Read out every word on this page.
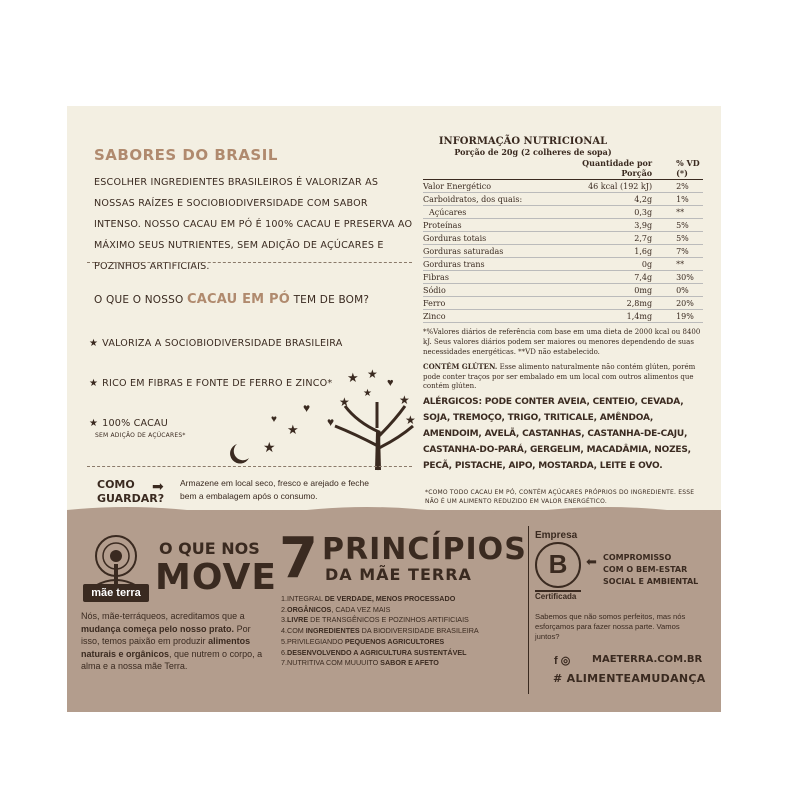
SABORES DO BRASIL
ESCOLHER INGREDIENTES BRASILEIROS É VALORIZAR AS NOSSAS RAÍZES E SOCIOBIODIVERSIDADE COM SABOR INTENSO. NOSSO CACAU EM PÓ É 100% CACAU E PRESERVA AO MÁXIMO SEUS NUTRIENTES, SEM ADIÇÃO DE AÇÚCARES E POZINHOS ARTIFICIAIS.
O QUE O NOSSO CACAU EM PÓ TEM DE BOM?
★ VALORIZA A SOCIOBIODIVERSIDADE BRASILEIRA
★ RICO EM FIBRAS E FONTE DE FERRO E ZINCO*
★ 100% CACAU
SEM ADIÇÃO DE AÇÚCARES*
★
★
♥
♥
★ ★
♥
★	★
♥	★
★
COMO
GUARDAR?
➡ Armazene em local seco, fresco e arejado e feche bem a embalagem após o consumo.
INFORMAÇÃO NUTRICIONAL
Porção de 20g (2 colheres de sopa)
	Quantidade por Porção	% VD (*)
Valor Energético	46 kcal (192 kJ)	2%
Carboidratos, dos quais:	4,2g	1%
Açúcares	0,3g	**
Proteínas	3,9g	5%
Gorduras totais	2,7g	5%
Gorduras saturadas	1,6g	7%
Gorduras trans	0g	**
Fibras	7,4g	30%
Sódio	0mg	0%
Ferro	2,8mg	20%
Zinco	1,4mg	19%
*%Valores diários de referência com base em uma dieta de 2000 kcal ou 8400 kJ. Seus valores diários podem ser maiores ou menores dependendo de suas necessidades energéticas. **VD não estabelecido.
CONTÉM GLÚTEN. Esse alimento naturalmente não contém glúten, porém pode conter traços por ser embalado em um local com outros alimentos que contém glúten.
ALÉRGICOS: PODE CONTER AVEIA, CENTEIO, CEVADA, SOJA, TREMOÇO, TRIGO, TRITICALE, AMÊNDOA, AMENDOIM, AVELÃ, CASTANHAS, CASTANHA-DE-CAJU, CASTANHA-DO-PARÁ, GERGELIM, MACADÂMIA, NOZES, PECÃ, PISTACHE, AIPO, MOSTARDA, LEITE E OVO.
*COMO TODO CACAU EM PÓ, CONTÉM AÇÚCARES PRÓPRIOS DO INGREDIENTE. ESSE NÃO É UM ALIMENTO REDUZIDO EM VALOR ENERGÉTICO.
mãe terra
O QUE NOS
MOVE
Nós, mãe-terráqueos, acreditamos que a mudança começa pelo nosso prato. Por isso, temos paixão em produzir alimentos naturais e orgânicos, que nutrem o corpo, a alma e a nossa mãe Terra.
7 PRINCÍPIOS
DA MÃE TERRA
1.INTEGRAL DE VERDADE, MENOS PROCESSADO
2.ORGÂNICOS, CADA VEZ MAIS
3.LIVRE DE TRANSGÊNICOS E POZINHOS ARTIFICIAIS
4.COM INGREDIENTES DA BIODIVERSIDADE BRASILEIRA
5.PRIVILEGIANDO PEQUENOS AGRICULTORES
6.DESENVOLVENDO A AGRICULTURA SUSTENTÁVEL
7.NUTRITIVA COM MUUUITO SABOR E AFETO
Empresa
B
Certificada
➡ COMPROMISSO
COM O BEM-ESTAR
SOCIAL E AMBIENTAL
Sabemos que não somos perfeitos, mas nós esforçamos para fazer nossa parte. Vamos juntos?
f ◎ MAETERRA.COM.BR
# ALIMENTEAMUDANÇA
